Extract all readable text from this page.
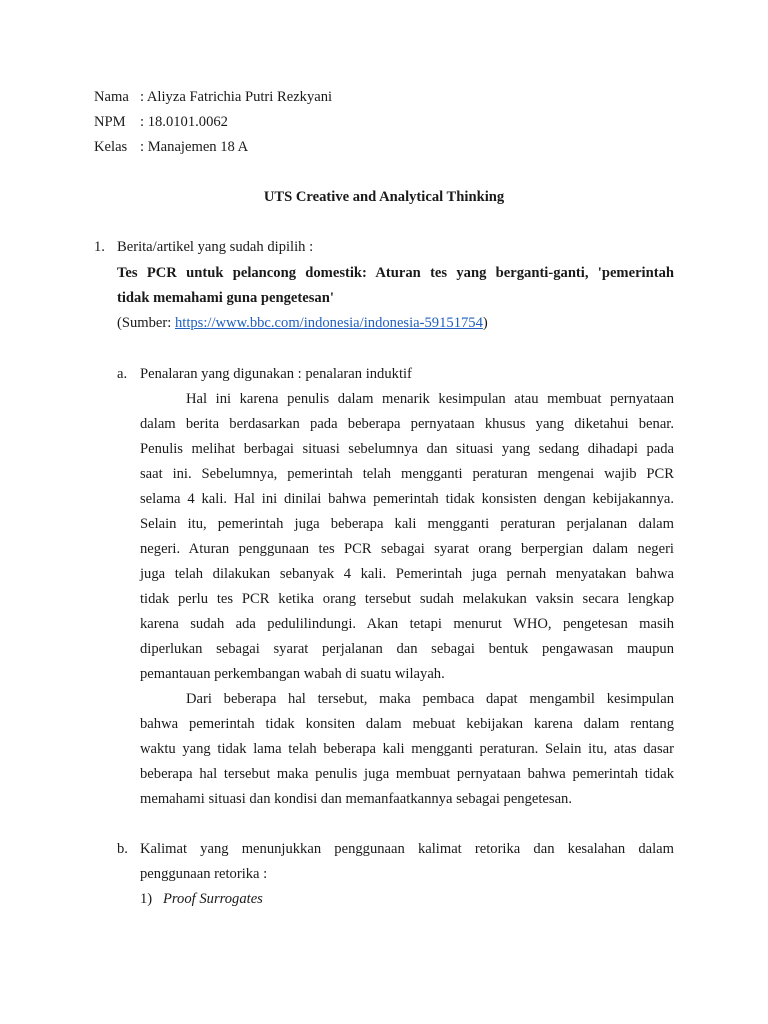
Nama : Aliyza Fatrichia Putri Rezkyani
NPM : 18.0101.0062
Kelas : Manajemen 18 A
UTS Creative and Analytical Thinking
1. Berita/artikel yang sudah dipilih :
Tes PCR untuk pelancong domestik: Aturan tes yang berganti-ganti, 'pemerintah
tidak memahami guna pengetesan'
(Sumber: https://www.bbc.com/indonesia/indonesia-59151754)
a. Penalaran yang digunakan : penalaran induktif
Hal ini karena penulis dalam menarik kesimpulan atau membuat pernyataan
dalam berita berdasarkan pada beberapa pernyataan khusus yang diketahui benar.
Penulis melihat berbagai situasi sebelumnya dan situasi yang sedang dihadapi pada
saat ini. Sebelumnya, pemerintah telah mengganti peraturan mengenai wajib PCR
selama 4 kali. Hal ini dinilai bahwa pemerintah tidak konsisten dengan kebijakannya.
Selain itu, pemerintah juga beberapa kali mengganti peraturan perjalanan dalam
negeri. Aturan penggunaan tes PCR sebagai syarat orang berpergian dalam negeri
juga telah dilakukan sebanyak 4 kali. Pemerintah juga pernah menyatakan bahwa
tidak perlu tes PCR ketika orang tersebut sudah melakukan vaksin secara lengkap
karena sudah ada pedulilindungi. Akan tetapi menurut WHO, pengetesan masih
diperlukan sebagai syarat perjalanan dan sebagai bentuk pengawasan maupun
pemantauan perkembangan wabah di suatu wilayah.
Dari beberapa hal tersebut, maka pembaca dapat mengambil kesimpulan
bahwa pemerintah tidak konsiten dalam mebuat kebijakan karena dalam rentang
waktu yang tidak lama telah beberapa kali mengganti peraturan. Selain itu, atas dasar
beberapa hal tersebut maka penulis juga membuat pernyataan bahwa pemerintah tidak
memahami situasi dan kondisi dan memanfaatkannya sebagai pengetesan.
b. Kalimat yang menunjukkan penggunaan kalimat retorika dan kesalahan dalam
penggunaan retorika :
1) Proof Surrogates
